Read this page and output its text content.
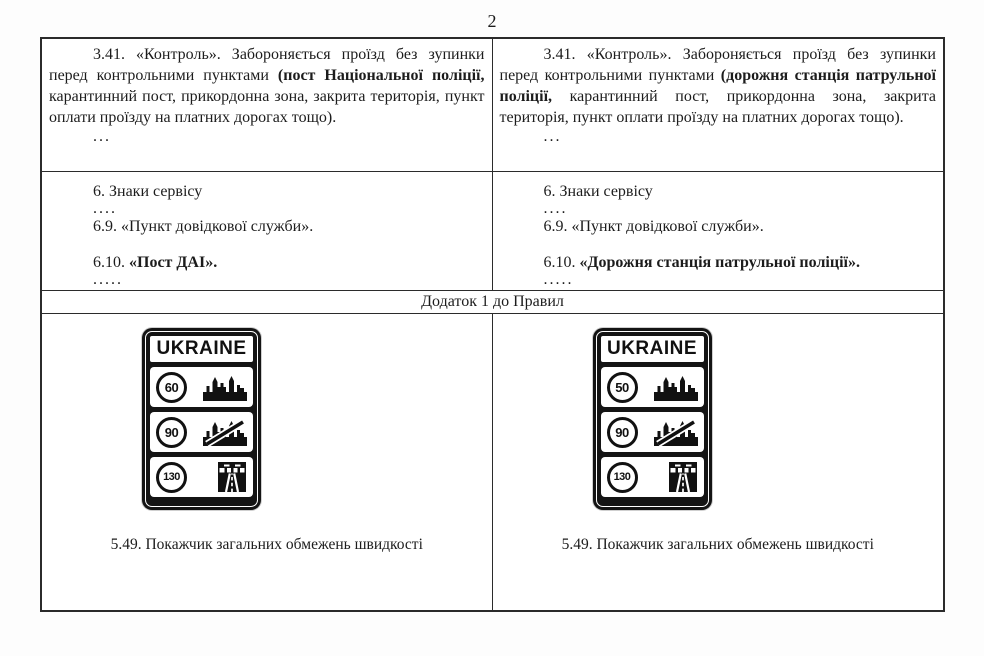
2

3.41. «Контроль». Забороняється проїзд без зупинки перед контрольними пунктами (пост Національної поліції, карантинний пост, прикордонна зона, закрита територія, пункт оплати проїзду на платних дорогах тощо).

...

3.41. «Контроль». Забороняється проїзд без зупинки перед контрольними пунктами (дорожня станція патрульної поліції, карантинний пост, прикордонна зона, закрита територія, пункт оплати проїзду на платних дорогах тощо).

...

6. Знаки сервісу
....
6.9. «Пункт довідкової служби».
6.10. «Пост ДАІ».
.....
6. Знаки сервісу
....
6.9. «Пункт довідкової служби».
6.10. «Дорожня станція патрульної поліції».
.....
Додаток 1 до Правил
UKRAINE
60
90
130
5.49. Покажчик загальних обмежень швидкості
UKRAINE
50
90
130
5.49. Покажчик загальних обмежень швидкості
